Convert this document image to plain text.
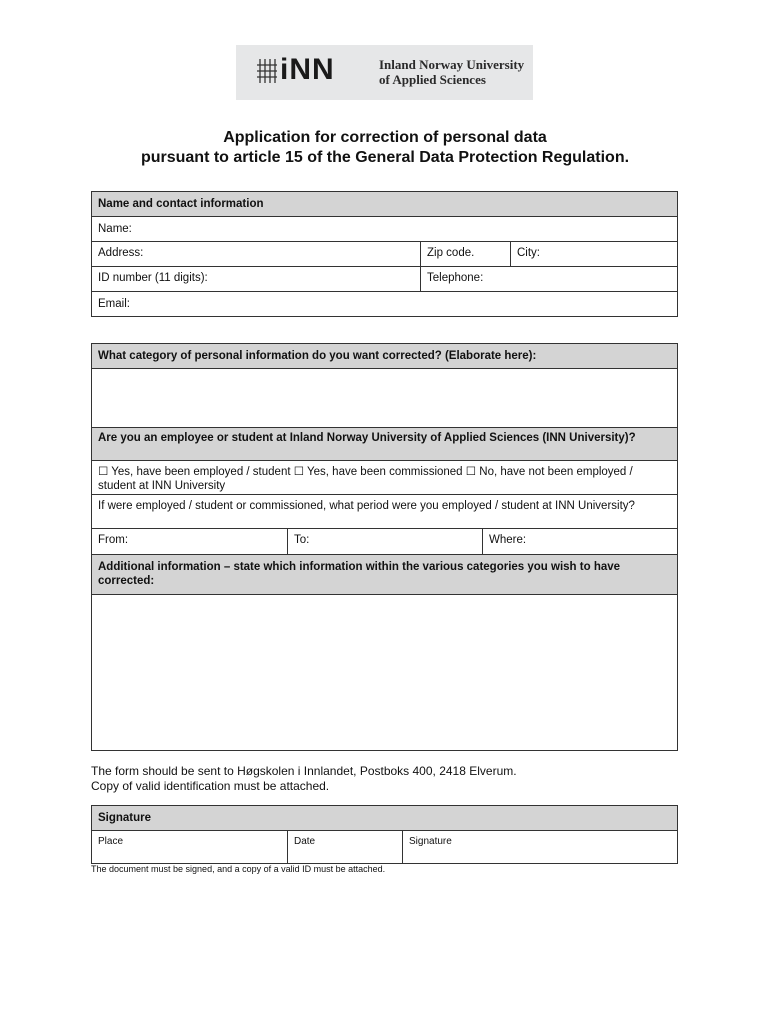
iNN	Inland Norway University
of Applied Sciences
Application for correction of personal data
pursuant to article 15 of the General Data Protection Regulation.
Name and contact information
Name:
Address:	Zip code.	City:
ID number (11 digits):	Telephone:
Email:
What category of personal information do you want corrected? (Elaborate here):
Are you an employee or student at Inland Norway University of Applied Sciences (INN University)?
☐ Yes, have been employed / student ☐ Yes, have been commissioned ☐ No, have not been employed / student at INN University
If were employed / student or commissioned, what period were you employed / student at INN University?
From:	To:	Where:
Additional information – state which information within the various categories you wish to have corrected:
The form should be sent to Høgskolen i Innlandet, Postboks 400, 2418 Elverum.
Copy of valid identification must be attached.
Signature
Place	Date	Signature
The document must be signed, and a copy of a valid ID must be attached.
